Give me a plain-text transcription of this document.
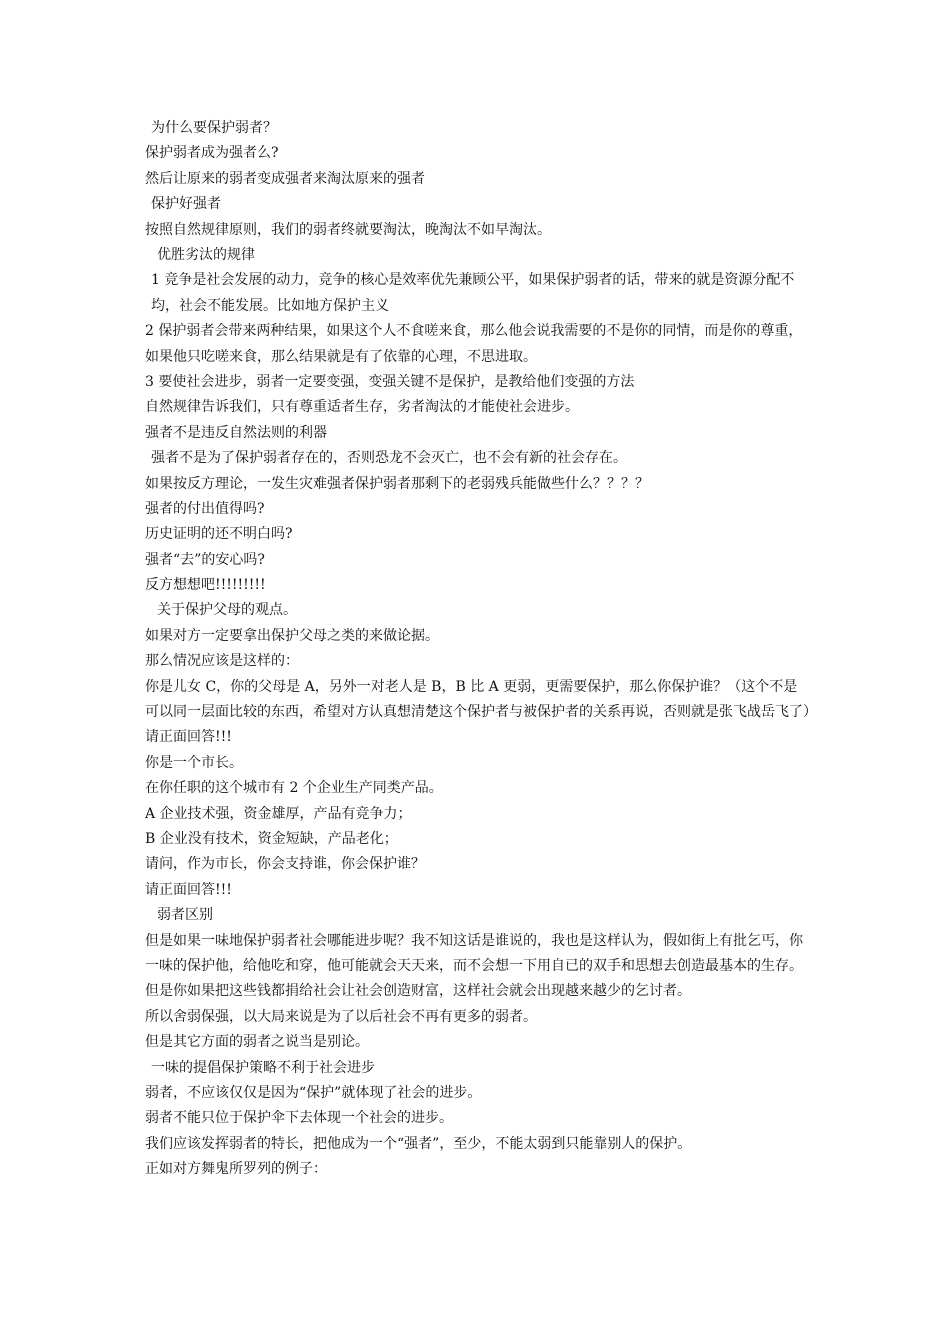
为什么要保护弱者？
保护弱者成为强者么?
然后让原来的弱者变成强者来淘汰原来的强者
保护好强者
按照自然规律原则，我们的弱者终就要淘汰，晚淘汰不如早淘汰。
优胜劣汰的规律
1 竞争是社会发展的动力，竞争的核心是效率优先兼顾公平，如果保护弱者的话，带来的就是资源分配不均，社会不能发展。比如地方保护主义
2 保护弱者会带来两种结果，如果这个人不食嗟来食，那么他会说我需要的不是你的同情，而是你的尊重，如果他只吃嗟来食，那么结果就是有了依靠的心理，不思进取。
3 要使社会进步，弱者一定要变强，变强关键不是保护，是教给他们变强的方法
自然规律告诉我们，只有尊重适者生存，劣者淘汰的才能使社会进步。
强者不是违反自然法则的利器
强者不是为了保护弱者存在的，否则恐龙不会灭亡，也不会有新的社会存在。
如果按反方理论，一发生灾难强者保护弱者那剩下的老弱残兵能做些什么？？？？
强者的付出值得吗?
历史证明的还不明白吗?
强者“去”的安心吗?
反方想想吧!!!!!!!!!
关于保护父母的观点。
如果对方一定要拿出保护父母之类的来做论据。
那么情况应该是这样的：
你是儿女 C，你的父母是 A，另外一对老人是 B，B 比 A 更弱，更需要保护，那么你保护谁？（这个不是可以同一层面比较的东西，希望对方认真想清楚这个保护者与被保护者的关系再说，否则就是张飞战岳飞了）
请正面回答!!!
你是一个市长。
在你任职的这个城市有 2 个企业生产同类产品。
A 企业技术强，资金雄厚，产品有竞争力；
B 企业没有技术，资金短缺，产品老化；
请问，作为市长，你会支持谁，你会保护谁？
请正面回答!!!
弱者区别
但是如果一味地保护弱者社会哪能进步呢？我不知这话是谁说的，我也是这样认为，假如街上有批乞丐，你一味的保护他，给他吃和穿，他可能就会天天来，而不会想一下用自已的双手和思想去创造最基本的生存。
但是你如果把这些钱都捐给社会让社会创造财富，这样社会就会出现越来越少的乞讨者。
所以舍弱保强，以大局来说是为了以后社会不再有更多的弱者。
但是其它方面的弱者之说当是别论。
一味的提倡保护策略不利于社会进步
弱者，不应该仅仅是因为“保护”就体现了社会的进步。
弱者不能只位于保护伞下去体现一个社会的进步。
我们应该发挥弱者的特长，把他成为一个“强者”，至少，不能太弱到只能靠别人的保护。
正如对方舞鬼所罗列的例子：
